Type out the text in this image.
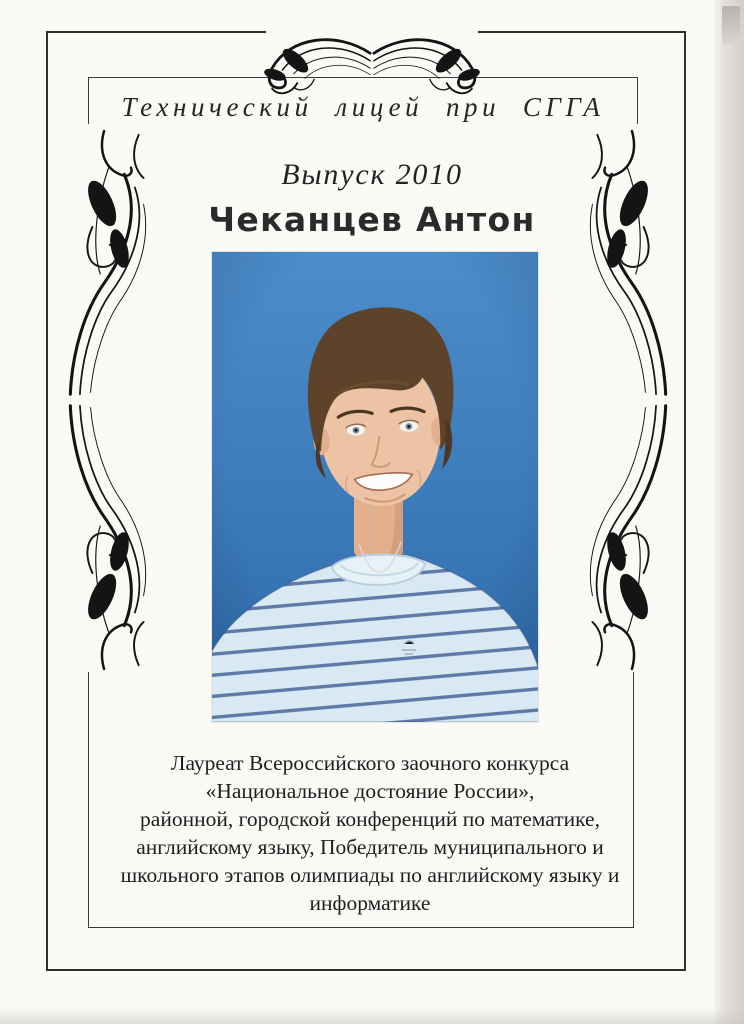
Технический лицей при СГГА
Выпуск 2010
Чеканцев Антон
Лауреат Всероссийского заочного конкурса
«Национальное достояние России»,
районной, городской конференций по математике,
английскому языку, Победитель муниципального и
школьного этапов олимпиады по английскому языку и
информатике
